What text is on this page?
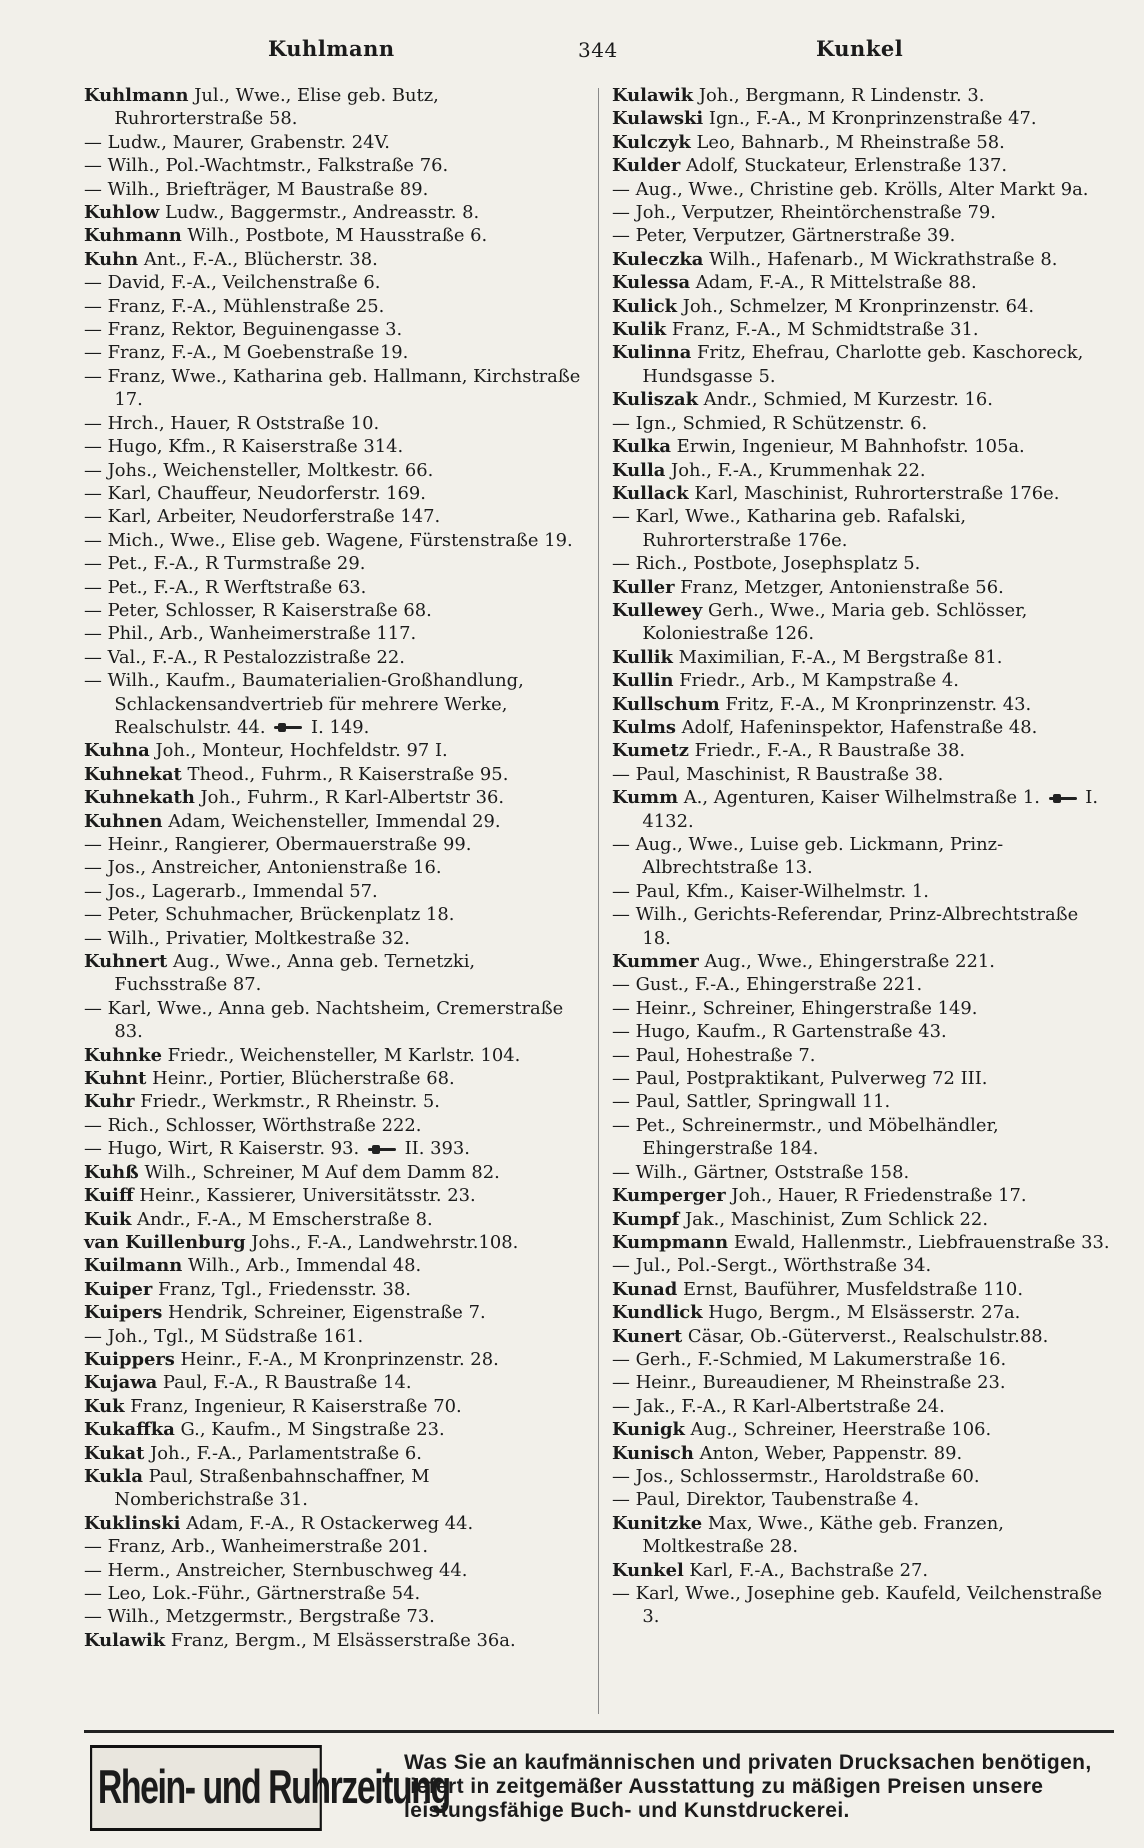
Kuhlmann	344	Kunkel

Kuhlmann Jul., Wwe., Elise geb. Butz, Ruhrorterstraße 58.

— Ludw., Maurer, Grabenstr. 24V.

— Wilh., Pol.-Wachtmstr., Falkstraße 76.

— Wilh., Briefträger, M Baustraße 89.

Kuhlow Ludw., Baggermstr., Andreasstr. 8.

Kuhmann Wilh., Postbote, M Hausstraße 6.

Kuhn Ant., F.-A., Blücherstr. 38.

— David, F.-A., Veilchenstraße 6.

— Franz, F.-A., Mühlenstraße 25.

— Franz, Rektor, Beguinengasse 3.

— Franz, F.-A., M Goebenstraße 19.

— Franz, Wwe., Katharina geb. Hallmann, Kirchstraße 17.

— Hrch., Hauer, R Oststraße 10.

— Hugo, Kfm., R Kaiserstraße 314.

— Johs., Weichensteller, Moltkestr. 66.

— Karl, Chauffeur, Neudorferstr. 169.

— Karl, Arbeiter, Neudorferstraße 147.

— Mich., Wwe., Elise geb. Wagene, Fürstenstraße 19.

— Pet., F.-A., R Turmstraße 29.

— Pet., F.-A., R Werftstraße 63.

— Peter, Schlosser, R Kaiserstraße 68.

— Phil., Arb., Wanheimerstraße 117.

— Val., F.-A., R Pestalozzistraße 22.

— Wilh., Kaufm., Baumaterialien-Großhandlung, Schlackensandvertrieb für mehrere Werke, Realschulstr. 44.  I. 149.

Kuhna Joh., Monteur, Hochfeldstr. 97 I.

Kuhnekat Theod., Fuhrm., R Kaiserstraße 95.

Kuhnekath Joh., Fuhrm., R Karl-Albertstr 36.

Kuhnen Adam, Weichensteller, Immendal 29.

— Heinr., Rangierer, Obermauerstraße 99.

— Jos., Anstreicher, Antonienstraße 16.

— Jos., Lagerarb., Immendal 57.

— Peter, Schuhmacher, Brückenplatz 18.

— Wilh., Privatier, Moltkestraße 32.

Kuhnert Aug., Wwe., Anna geb. Ternetzki, Fuchsstraße 87.

— Karl, Wwe., Anna geb. Nachtsheim, Cremerstraße 83.

Kuhnke Friedr., Weichensteller, M Karlstr. 104.

Kuhnt Heinr., Portier, Blücherstraße 68.

Kuhr Friedr., Werkmstr., R Rheinstr. 5.

— Rich., Schlosser, Wörthstraße 222.

— Hugo, Wirt, R Kaiserstr. 93.  II. 393.

Kuhß Wilh., Schreiner, M Auf dem Damm 82.

Kuiff Heinr., Kassierer, Universitätsstr. 23.

Kuik Andr., F.-A., M Emscherstraße 8.

van Kuillenburg Johs., F.-A., Landwehrstr.108.

Kuilmann Wilh., Arb., Immendal 48.

Kuiper Franz, Tgl., Friedensstr. 38.

Kuipers Hendrik, Schreiner, Eigenstraße 7.

— Joh., Tgl., M Südstraße 161.

Kuippers Heinr., F.-A., M Kronprinzenstr. 28.

Kujawa Paul, F.-A., R Baustraße 14.

Kuk Franz, Ingenieur, R Kaiserstraße 70.

Kukaffka G., Kaufm., M Singstraße 23.

Kukat Joh., F.-A., Parlamentstraße 6.

Kukla Paul, Straßenbahnschaffner, M Nomberichstraße 31.

Kuklinski Adam, F.-A., R Ostackerweg 44.

— Franz, Arb., Wanheimerstraße 201.

— Herm., Anstreicher, Sternbuschweg 44.

— Leo, Lok.-Führ., Gärtnerstraße 54.

— Wilh., Metzgermstr., Bergstraße 73.

Kulawik Franz, Bergm., M Elsässerstraße 36a.

Kulawik Joh., Bergmann, R Lindenstr. 3.

Kulawski Ign., F.-A., M Kronprinzenstraße 47.

Kulczyk Leo, Bahnarb., M Rheinstraße 58.

Kulder Adolf, Stuckateur, Erlenstraße 137.

— Aug., Wwe., Christine geb. Krölls, Alter Markt 9a.

— Joh., Verputzer, Rheintörchenstraße 79.

— Peter, Verputzer, Gärtnerstraße 39.

Kuleczka Wilh., Hafenarb., M Wickrathstraße 8.

Kulessa Adam, F.-A., R Mittelstraße 88.

Kulick Joh., Schmelzer, M Kronprinzenstr. 64.

Kulik Franz, F.-A., M Schmidtstraße 31.

Kulinna Fritz, Ehefrau, Charlotte geb. Kaschoreck, Hundsgasse 5.

Kuliszak Andr., Schmied, M Kurzestr. 16.

— Ign., Schmied, R Schützenstr. 6.

Kulka Erwin, Ingenieur, M Bahnhofstr. 105a.

Kulla Joh., F.-A., Krummenhak 22.

Kullack Karl, Maschinist, Ruhrorterstraße 176e.

— Karl, Wwe., Katharina geb. Rafalski, Ruhrorterstraße 176e.

— Rich., Postbote, Josephsplatz 5.

Kuller Franz, Metzger, Antonienstraße 56.

Kullewey Gerh., Wwe., Maria geb. Schlösser, Koloniestraße 126.

Kullik Maximilian, F.-A., M Bergstraße 81.

Kullin Friedr., Arb., M Kampstraße 4.

Kullschum Fritz, F.-A., M Kronprinzenstr. 43.

Kulms Adolf, Hafeninspektor, Hafenstraße 48.

Kumetz Friedr., F.-A., R Baustraße 38.

— Paul, Maschinist, R Baustraße 38.

Kumm A., Agenturen, Kaiser Wilhelmstraße 1.  I. 4132.

— Aug., Wwe., Luise geb. Lickmann, Prinz-Albrechtstraße 13.

— Paul, Kfm., Kaiser-Wilhelmstr. 1.

— Wilh., Gerichts-Referendar, Prinz-Albrechtstraße 18.

Kummer Aug., Wwe., Ehingerstraße 221.

— Gust., F.-A., Ehingerstraße 221.

— Heinr., Schreiner, Ehingerstraße 149.

— Hugo, Kaufm., R Gartenstraße 43.

— Paul, Hohestraße 7.

— Paul, Postpraktikant, Pulverweg 72 III.

— Paul, Sattler, Springwall 11.

— Pet., Schreinermstr., und Möbelhändler, Ehingerstraße 184.

— Wilh., Gärtner, Oststraße 158.

Kumperger Joh., Hauer, R Friedenstraße 17.

Kumpf Jak., Maschinist, Zum Schlick 22.

Kumpmann Ewald, Hallenmstr., Liebfrauenstraße 33.

— Jul., Pol.-Sergt., Wörthstraße 34.

Kunad Ernst, Bauführer, Musfeldstraße 110.

Kundlick Hugo, Bergm., M Elsässerstr. 27a.

Kunert Cäsar, Ob.-Güterverst., Realschulstr.88.

— Gerh., F.-Schmied, M Lakumerstraße 16.

— Heinr., Bureaudiener, M Rheinstraße 23.

— Jak., F.-A., R Karl-Albertstraße 24.

Kunigk Aug., Schreiner, Heerstraße 106.

Kunisch Anton, Weber, Pappenstr. 89.

— Jos., Schlossermstr., Haroldstraße 60.

— Paul, Direktor, Taubenstraße 4.

Kunitzke Max, Wwe., Käthe geb. Franzen, Moltkestraße 28.

Kunkel Karl, F.-A., Bachstraße 27.

— Karl, Wwe., Josephine geb. Kaufeld, Veilchenstraße 3.

Rhein- und Ruhrzeitung
Was Sie an kaufmännischen und privaten Drucksachen benötigen, liefert in zeitgemäßer Ausstattung zu mäßigen Preisen unsere leistungsfähige Buch- und Kunstdruckerei.
